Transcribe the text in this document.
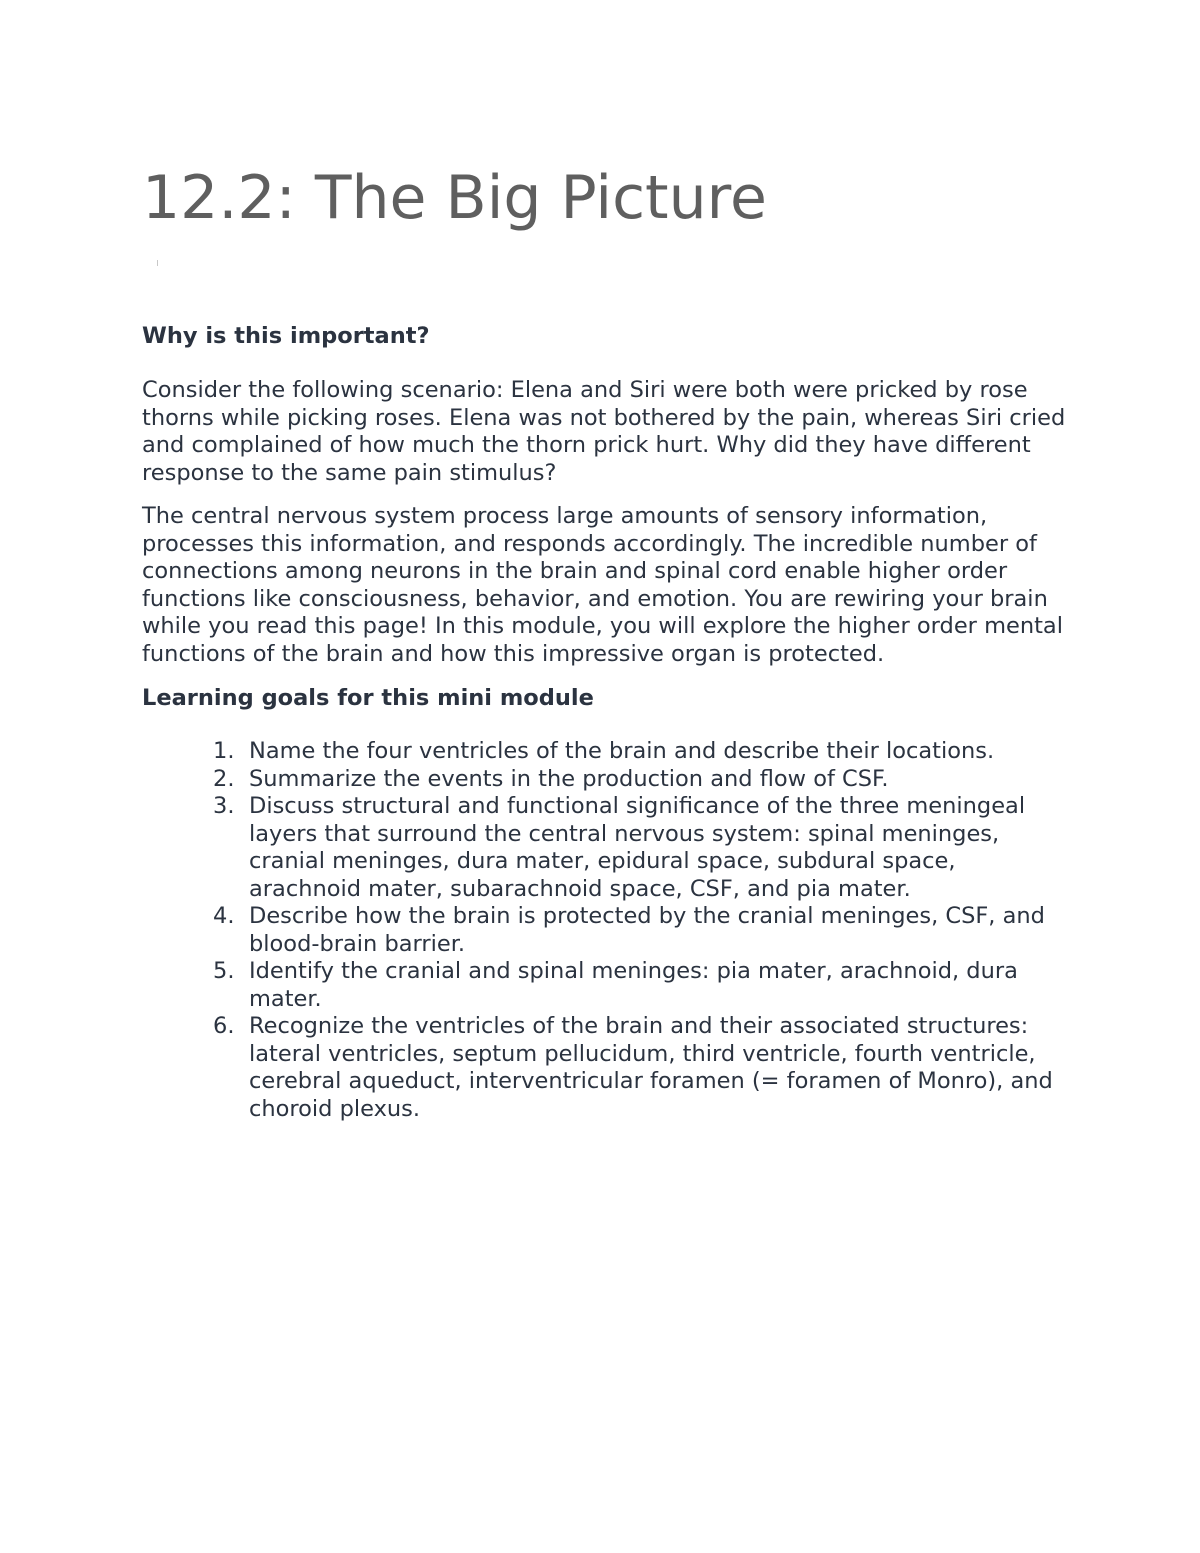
12.2: The Big Picture
Why is this important?

Consider the following scenario: Elena and Siri were both were pricked by rose thorns while picking roses. Elena was not bothered by the pain, whereas Siri cried and complained of how much the thorn prick hurt. Why did they have different response to the same pain stimulus?

The central nervous system process large amounts of sensory information, processes this information, and responds accordingly. The incredible number of connections among neurons in the brain and spinal cord enable higher order functions like consciousness, behavior, and emotion. You are rewiring your brain while you read this page! In this module, you will explore the higher order mental functions of the brain and how this impressive organ is protected.

Learning goals for this mini module
1. Name the four ventricles of the brain and describe their locations.
2. Summarize the events in the production and flow of CSF.
3. Discuss structural and functional significance of the three meningeal layers that surround the central nervous system: spinal meninges, cranial meninges, dura mater, epidural space, subdural space, arachnoid mater, subarachnoid space, CSF, and pia mater.
4. Describe how the brain is protected by the cranial meninges, CSF, and blood-brain barrier.
5. Identify the cranial and spinal meninges: pia mater, arachnoid, dura mater.
6. Recognize the ventricles of the brain and their associated structures: lateral ventricles, septum pellucidum, third ventricle, fourth ventricle, cerebral aqueduct, interventricular foramen (= foramen of Monro), and choroid plexus.
